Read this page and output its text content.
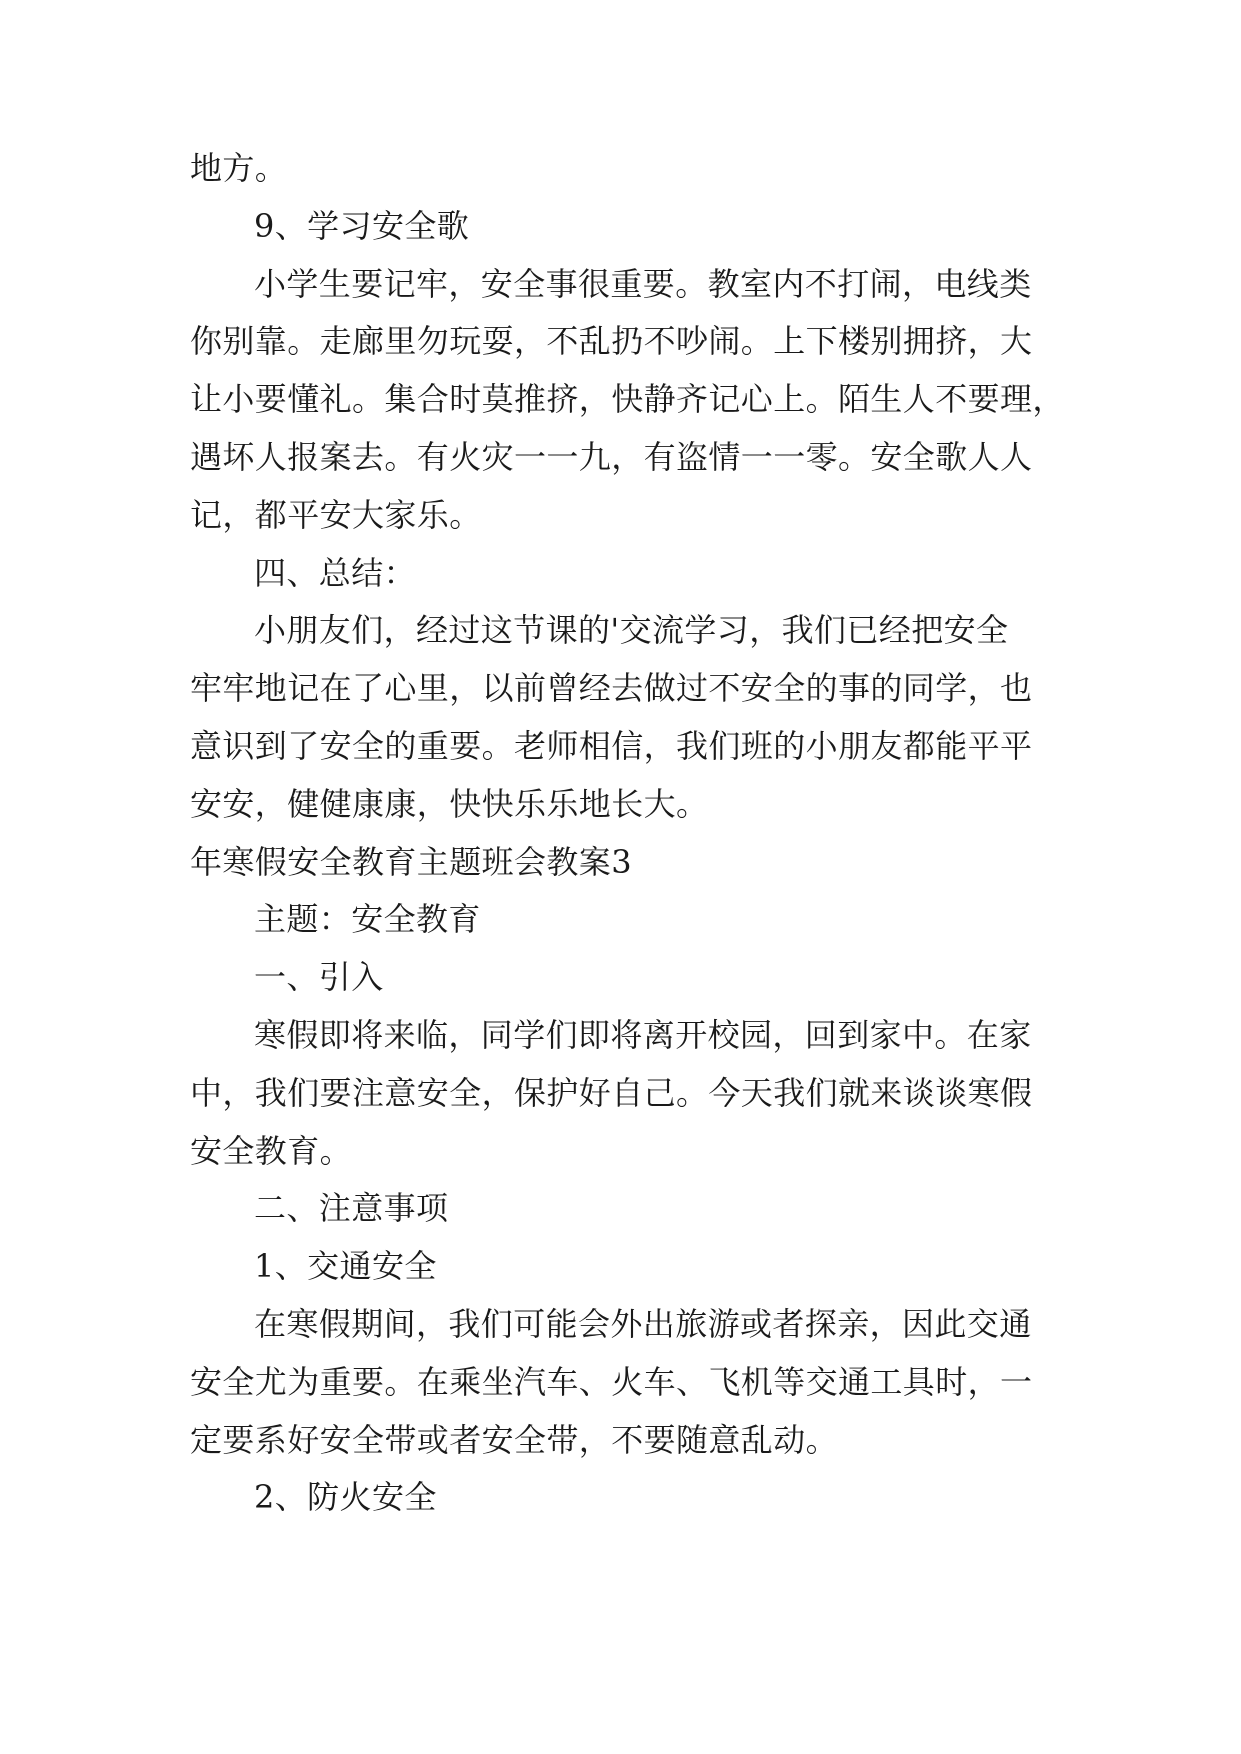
地方。
9、学习安全歌
小学生要记牢，安全事很重要。教室内不打闹，电线类
你别靠。走廊里勿玩耍，不乱扔不吵闹。上下楼别拥挤，大
让小要懂礼。集合时莫推挤，快静齐记心上。陌生人不要理，
遇坏人报案去。有火灾一一九，有盗情一一零。安全歌人人
记，都平安大家乐。
四、总结：
小朋友们，经过这节课的'交流学习，我们已经把安全
牢牢地记在了心里，以前曾经去做过不安全的事的同学，也
意识到了安全的重要。老师相信，我们班的小朋友都能平平
安安，健健康康，快快乐乐地长大。
年寒假安全教育主题班会教案3
主题：安全教育
一、引入
寒假即将来临，同学们即将离开校园，回到家中。在家
中，我们要注意安全，保护好自己。今天我们就来谈谈寒假
安全教育。
二、注意事项
1、交通安全
在寒假期间，我们可能会外出旅游或者探亲，因此交通
安全尤为重要。在乘坐汽车、火车、飞机等交通工具时，一
定要系好安全带或者安全带，不要随意乱动。
2、防火安全
